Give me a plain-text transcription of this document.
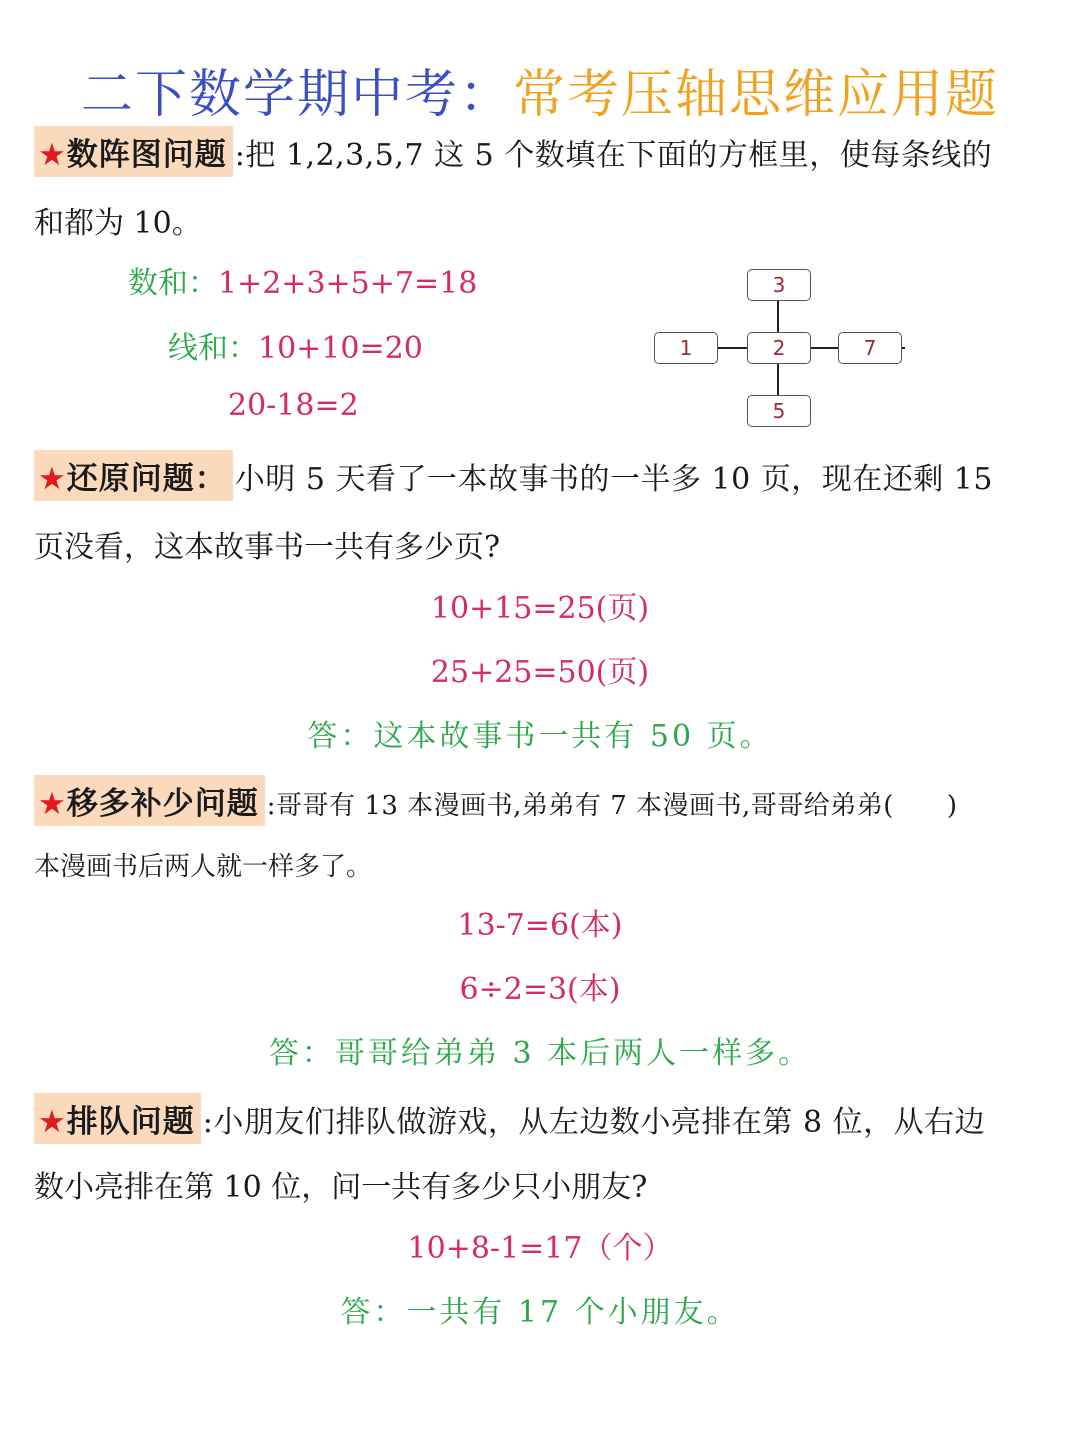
二下数学期中考：常考压轴思维应用题
★数阵图问题 :把 1,2,3,5,7 这 5 个数填在下面的方框里，使每条线的
和都为 10。
数和：1+2+3+5+7=18
线和：10+10=20
20-18=2
3
1	2	7
5
★还原问题： 小明 5 天看了一本故事书的一半多 10 页，现在还剩 15
页没看，这本故事书一共有多少页?
10+15=25(页)
25+25=50(页)
答：这本故事书一共有 50 页。
★移多补少问题 :哥哥有 13 本漫画书,弟弟有 7 本漫画书,哥哥给弟弟(　　)
本漫画书后两人就一样多了。
13-7=6(本)
6÷2=3(本)
答：哥哥给弟弟 3 本后两人一样多。
★排队问题 :小朋友们排队做游戏，从左边数小亮排在第 8 位，从右边
数小亮排在第 10 位，问一共有多少只小朋友?
10+8-1=17（个）
答：一共有 17 个小朋友。
